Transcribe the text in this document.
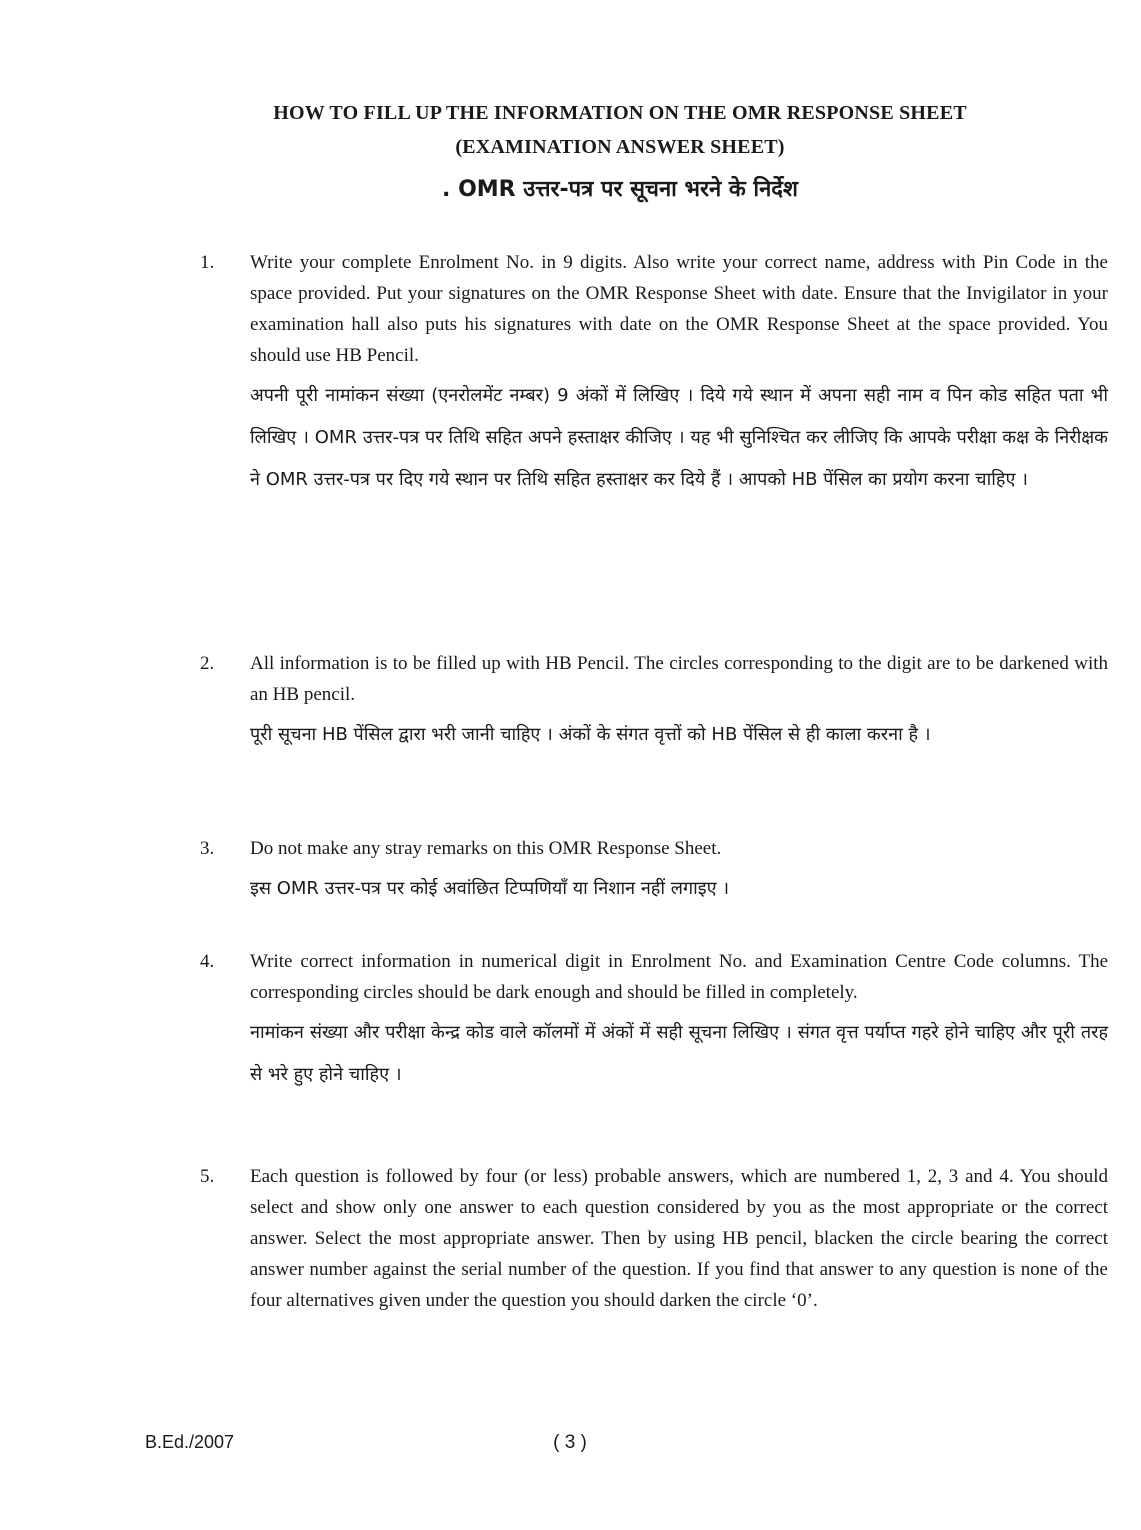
HOW TO FILL UP THE INFORMATION ON THE OMR RESPONSE SHEET
(EXAMINATION ANSWER SHEET)
. OMR उत्तर-पत्र पर सूचना भरने के निर्देश
1. Write your complete Enrolment No. in 9 digits. Also write your correct name, address with Pin Code in the space provided. Put your signatures on the OMR Response Sheet with date. Ensure that the Invigilator in your examination hall also puts his signatures with date on the OMR Response Sheet at the space provided. You should use HB Pencil.

अपनी पूरी नामांकन संख्या (एनरोलमेंट नम्बर) 9 अंकों में लिखिए । दिये गये स्थान में अपना सही नाम व पिन कोड सहित पता भी लिखिए । OMR उत्तर-पत्र पर तिथि सहित अपने हस्ताक्षर कीजिए । यह भी सुनिश्चित कर लीजिए कि आपके परीक्षा कक्ष के निरीक्षक ने OMR उत्तर-पत्र पर दिए गये स्थान पर तिथि सहित हस्ताक्षर कर दिये हैं । आपको HB पेंसिल का प्रयोग करना चाहिए ।

2. All information is to be filled up with HB Pencil. The circles corresponding to the digit are to be darkened with an HB pencil.

पूरी सूचना HB पेंसिल द्वारा भरी जानी चाहिए । अंकों के संगत वृत्तों को HB पेंसिल से ही काला करना है ।

3. Do not make any stray remarks on this OMR Response Sheet.

इस OMR उत्तर-पत्र पर कोई अवांछित टिप्पणियाँ या निशान नहीं लगाइए ।

4. Write correct information in numerical digit in Enrolment No. and Examination Centre Code columns. The corresponding circles should be dark enough and should be filled in completely.

नामांकन संख्या और परीक्षा केन्द्र कोड वाले कॉलमों में अंकों में सही सूचना लिखिए । संगत वृत्त पर्याप्त गहरे होने चाहिए और पूरी तरह से भरे हुए होने चाहिए ।

5. Each question is followed by four (or less) probable answers, which are numbered 1, 2, 3 and 4. You should select and show only one answer to each question considered by you as the most appropriate or the correct answer. Select the most appropriate answer. Then by using HB pencil, blacken the circle bearing the correct answer number against the serial number of the question. If you find that answer to any question is none of the four alternatives given under the question you should darken the circle ‘0’.

B.Ed./2007	( 3 )
